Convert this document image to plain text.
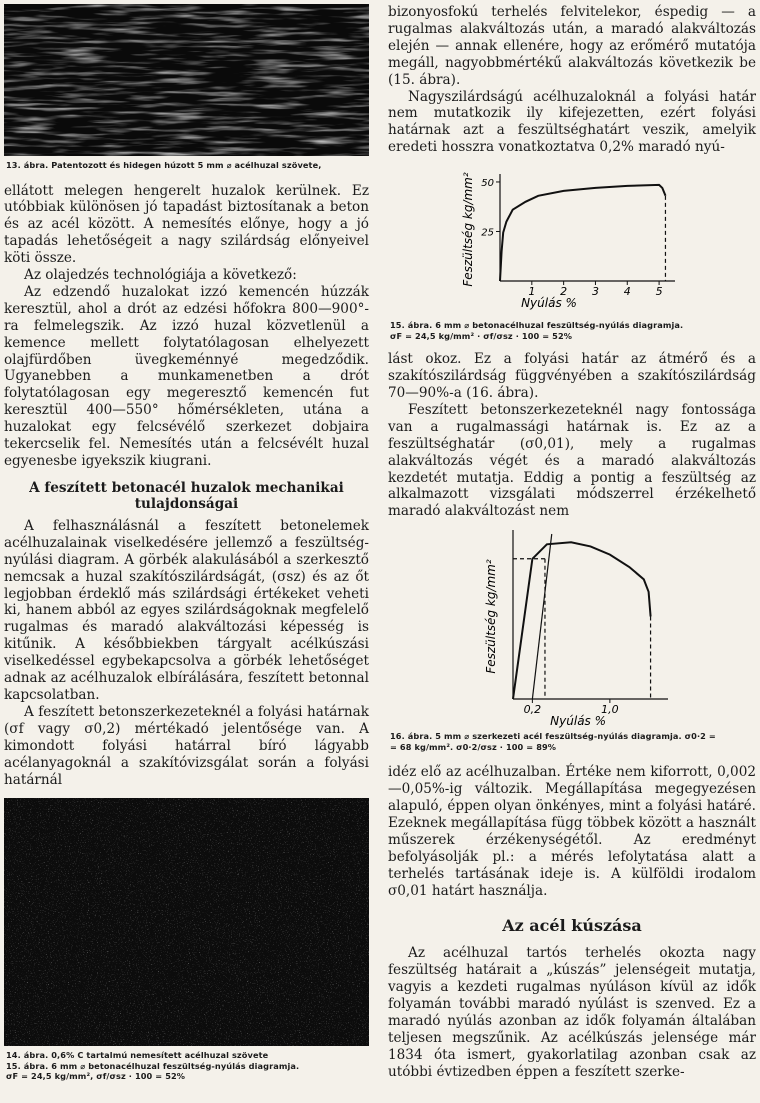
13. ábra. Patentozott és hidegen húzott 5 mm ⌀ acélhuzal szövete,

ellátott melegen hengerelt huzalok kerülnek. Ez utóbbiak különösen jó tapadást biztosítanak a beton és az acél között. A nemesítés előnye, hogy a jó tapadás lehetőségeit a nagy szilárdság előnyeivel köti össze.

Az olajedzés technológiája a következő:

Az edzendő huzalokat izzó kemencén húzzák keresztül, ahol a drót az edzési hőfokra 800—900°-ra felmelegszik. Az izzó huzal közvetlenül a kemence mellett folytatólagosan elhelyezett olajfürdőben üvegkeménnyé megedződik. Ugyanebben a munkamenetben a drót folytatólagosan egy megeresztő kemencén fut keresztül 400—550° hőmérsékleten, utána a huzalokat egy felcsévélő szerkezet dobjaira tekercselik fel. Nemesítés után a felcsévélt huzal egyenesbe igyekszik kiugrani.

A feszített betonacél huzalok mechanikai tulajdonságai

A felhasználásnál a feszített betonelemek acélhuzalainak viselkedésére jellemző a feszültség-nyúlási diagram. A görbék alakulásából a szerkesztő nemcsak a huzal szakítószilárdságát, (σsz) és az őt legjobban érdeklő más szilárdsági értékeket veheti ki, hanem abból az egyes szilárdságoknak megfelelő rugalmas és maradó alakváltozási képesség is kitűnik. A későbbiekben tárgyalt acélkúszási viselkedéssel egybekapcsolva a görbék lehetőséget adnak az acélhuzalok elbírálására, feszített betonnal kapcsolatban.

A feszített betonszerkezeteknél a folyási határnak (σf vagy σ0,2) mértékadó jelentősége van. A kimondott folyási határral bíró lágyabb acélanyagoknál a szakítóvizsgálat során a folyási határnál

14. ábra. 0,6% C tartalmú nemesített acélhuzal szövete
15. ábra. 6 mm ⌀ betonacélhuzal feszültség-nyúlás diagramja.
σF = 24,5 kg/mm², σf/σsz · 100 = 52%

bizonyosfokú terhelés felvitelekor, éspedig — a rugalmas alakváltozás után, a maradó alakváltozás elején — annak ellenére, hogy az erőmérő mutatója megáll, nagyobbmértékű alakváltozás következik be (15. ábra).

Nagyszilárdságú acélhuzaloknál a folyási határ nem mutatkozik ily kifejezetten, ezért folyási határnak azt a feszültséghatárt veszik, amelyik eredeti hosszra vonatkoztatva 0,2% maradó nyú-

1 2 3 4 5
25
50
Nyúlás %
Feszültség kg/mm²
15. ábra. 6 mm ⌀ betonacélhuzal feszültség-nyúlás diagramja.
σF = 24,5 kg/mm² · σf/σsz · 100 = 52%

lást okoz. Ez a folyási határ az átmérő és a szakítószilárdság függvényében a szakítószilárdság 70—90%-a (16. ábra).

Feszített betonszerkezeteknél nagy fontossága van a rugalmassági határnak is. Ez az a feszültséghatár (σ0,01), mely a rugalmas alakváltozás végét és a maradó alakváltozás kezdetét mutatja. Eddig a pontig a feszültség az alkalmazott vizsgálati módszerrel érzékelhető maradó alakváltozást nem

0,2	1,0
Nyúlás %
Feszültség kg/mm²
16. ábra. 5 mm ⌀ szerkezeti acél feszültség-nyúlás diagramja. σ0·2 =
= 68 kg/mm². σ0·2/σsz · 100 = 89%

idéz elő az acélhuzalban. Értéke nem kiforrott, 0,002—0,05%-ig változik. Megállapítása megegyezésen alapuló, éppen olyan önkényes, mint a folyási határé. Ezeknek megállapítása függ többek között a használt műszerek érzékenységétől. Az eredményt befolyásolják pl.: a mérés lefolytatása alatt a terhelés tartásának ideje is. A külföldi irodalom σ0,01 határt használja.

Az acél kúszása

Az acélhuzal tartós terhelés okozta nagy feszültség határait a „kúszás” jelenségeit mutatja, vagyis a kezdeti rugalmas nyúláson kívül az idők folyamán további maradó nyúlást is szenved. Ez a maradó nyúlás azonban az idők folyamán általában teljesen megszűnik. Az acélkúszás jelensége már 1834 óta ismert, gyakorlatilag azonban csak az utóbbi évtizedben éppen a feszített szerke-
